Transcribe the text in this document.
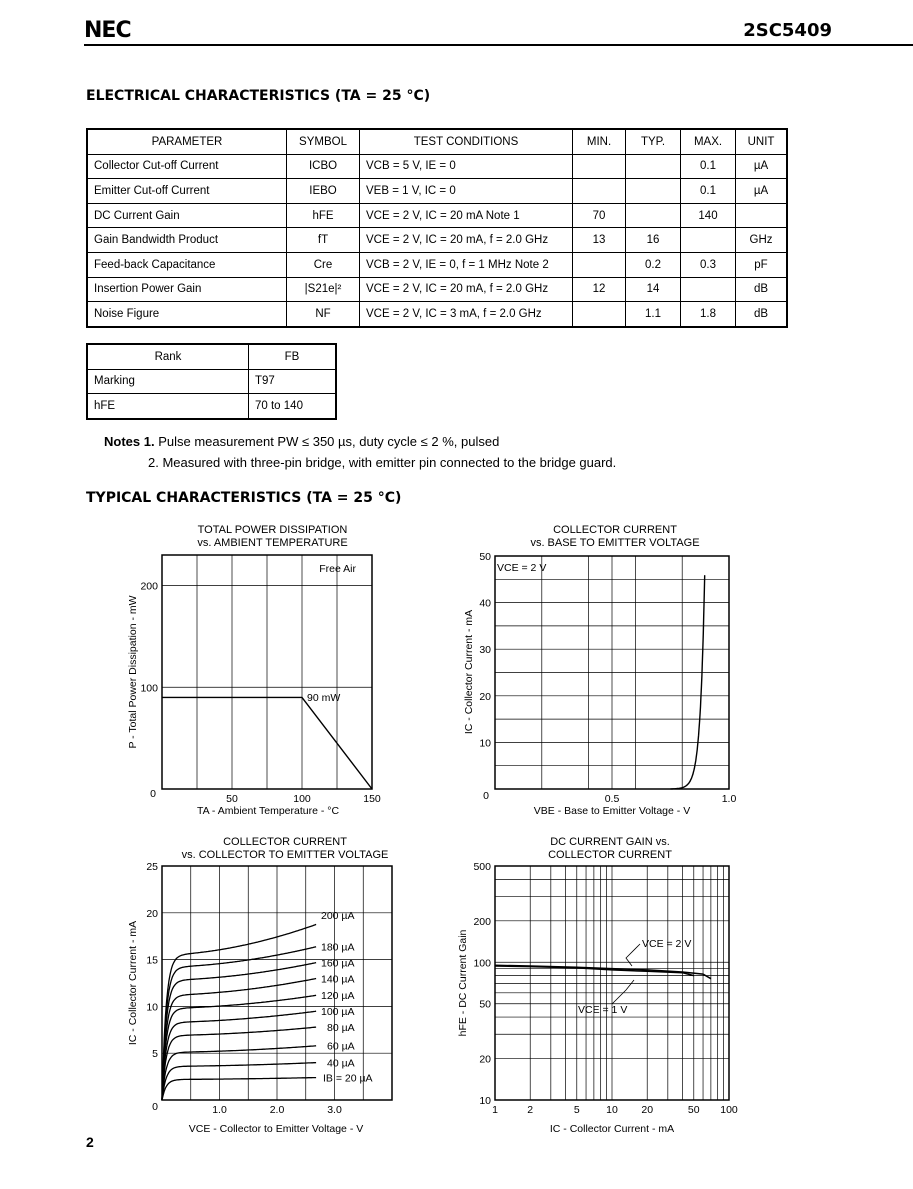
NEC	2SC5409
ELECTRICAL CHARACTERISTICS (TA = 25 °C)
PARAMETER	SYMBOL	TEST CONDITIONS	MIN.	TYP.	MAX.	UNIT
Collector Cut-off Current	ICBO	VCB = 5 V, IE = 0			0.1	µA
Emitter Cut-off Current	IEBO	VEB = 1 V, IC = 0			0.1	µA
DC Current Gain	hFE	VCE = 2 V, IC = 20 mA Note 1	70		140	
Gain Bandwidth Product	fT	VCE = 2 V, IC = 20 mA, f = 2.0 GHz	13	16		GHz
Feed-back Capacitance	Cre	VCB = 2 V, IE = 0, f = 1 MHz Note 2		0.2	0.3	pF
Insertion Power Gain	|S21e|²	VCE = 2 V, IC = 20 mA, f = 2.0 GHz	12	14		dB
Noise Figure	NF	VCE = 2 V, IC = 3 mA, f = 2.0 GHz		1.1	1.8	dB
Rank	FB
Marking	T97
hFE	70 to 140
Notes 1. Pulse measurement PW ≤ 350 µs, duty cycle ≤ 2 %, pulsed
2. Measured with three-pin bridge, with emitter pin connected to the bridge guard.
TYPICAL CHARACTERISTICS (TA = 25 °C)
TOTAL POWER DISSIPATION
vs. AMBIENT TEMPERATURE
COLLECTOR CURRENT
vs. BASE TO EMITTER VOLTAGE
COLLECTOR CURRENT
vs. COLLECTOR TO EMITTER VOLTAGE
DC CURRENT GAIN vs.
COLLECTOR CURRENT
50	100	150
100
200
0
TA - Ambient Temperature - °C
P - Total Power Dissipation - mW
Free Air
90 mW
0.5	1.0
10
20
30
40
50
0
VBE - Base to Emitter Voltage - V
IC - Collector Current - mA
VCE = 2 V
200 µA
180 µA
160 µA
140 µA
120 µA
100 µA
80 µA
60 µA
40 µA
IB = 20 µA
1.0	2.0	3.0
5
10
15
20
25
0
VCE - Collector to Emitter Voltage - V
IC - Collector Current - mA
1	2	5	10 20	50 100
10
20
50
100
200
500
IC - Collector Current - mA
hFE - DC Current Gain	VCE = 2 V
VCE = 1 V
2
